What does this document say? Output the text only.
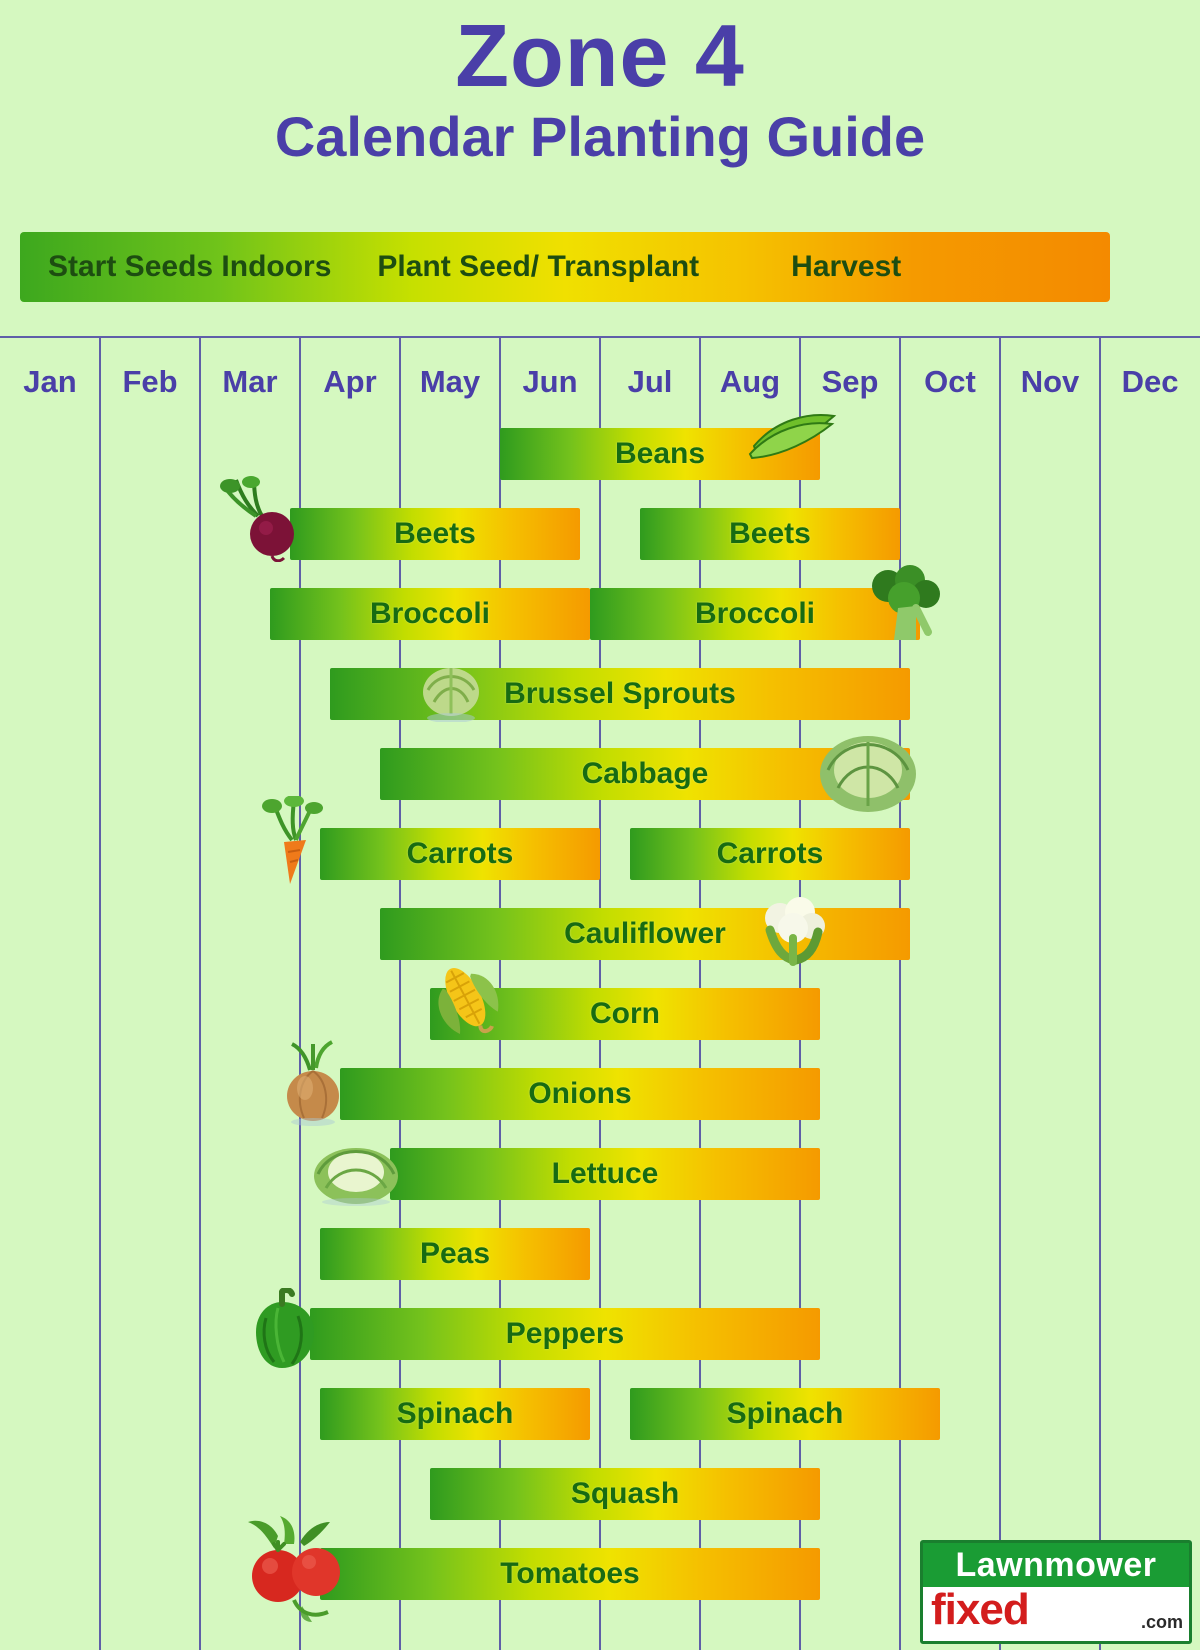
Zone 4
Calendar Planting Guide
Start Seeds Indoors Plant Seed/ Transplant	Harvest
Jan	Feb	Mar	Apr	May	Jun	Jul	Aug	Sep	Oct	Nov	Dec
Beans
Beets	Beets
Broccoli	Broccoli
Brussel Sprouts
Cabbage
Carrots	Carrots
Cauliflower
Corn
Onions
Lettuce
Peas
Peppers
Spinach	Spinach
Squash
Tomatoes	Lawnmower
fixed	.com
